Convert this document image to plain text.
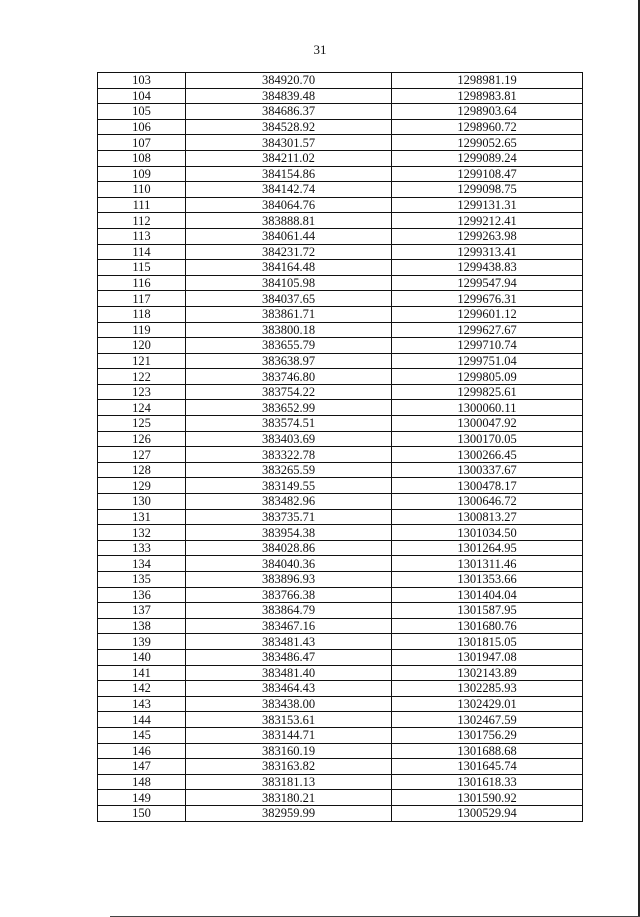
31
103	384920.70	1298981.19
104	384839.48	1298983.81
105	384686.37	1298903.64
106	384528.92	1298960.72
107	384301.57	1299052.65
108	384211.02	1299089.24
109	384154.86	1299108.47
110	384142.74	1299098.75
111	384064.76	1299131.31
112	383888.81	1299212.41
113	384061.44	1299263.98
114	384231.72	1299313.41
115	384164.48	1299438.83
116	384105.98	1299547.94
117	384037.65	1299676.31
118	383861.71	1299601.12
119	383800.18	1299627.67
120	383655.79	1299710.74
121	383638.97	1299751.04
122	383746.80	1299805.09
123	383754.22	1299825.61
124	383652.99	1300060.11
125	383574.51	1300047.92
126	383403.69	1300170.05
127	383322.78	1300266.45
128	383265.59	1300337.67
129	383149.55	1300478.17
130	383482.96	1300646.72
131	383735.71	1300813.27
132	383954.38	1301034.50
133	384028.86	1301264.95
134	384040.36	1301311.46
135	383896.93	1301353.66
136	383766.38	1301404.04
137	383864.79	1301587.95
138	383467.16	1301680.76
139	383481.43	1301815.05
140	383486.47	1301947.08
141	383481.40	1302143.89
142	383464.43	1302285.93
143	383438.00	1302429.01
144	383153.61	1302467.59
145	383144.71	1301756.29
146	383160.19	1301688.68
147	383163.82	1301645.74
148	383181.13	1301618.33
149	383180.21	1301590.92
150	382959.99	1300529.94
